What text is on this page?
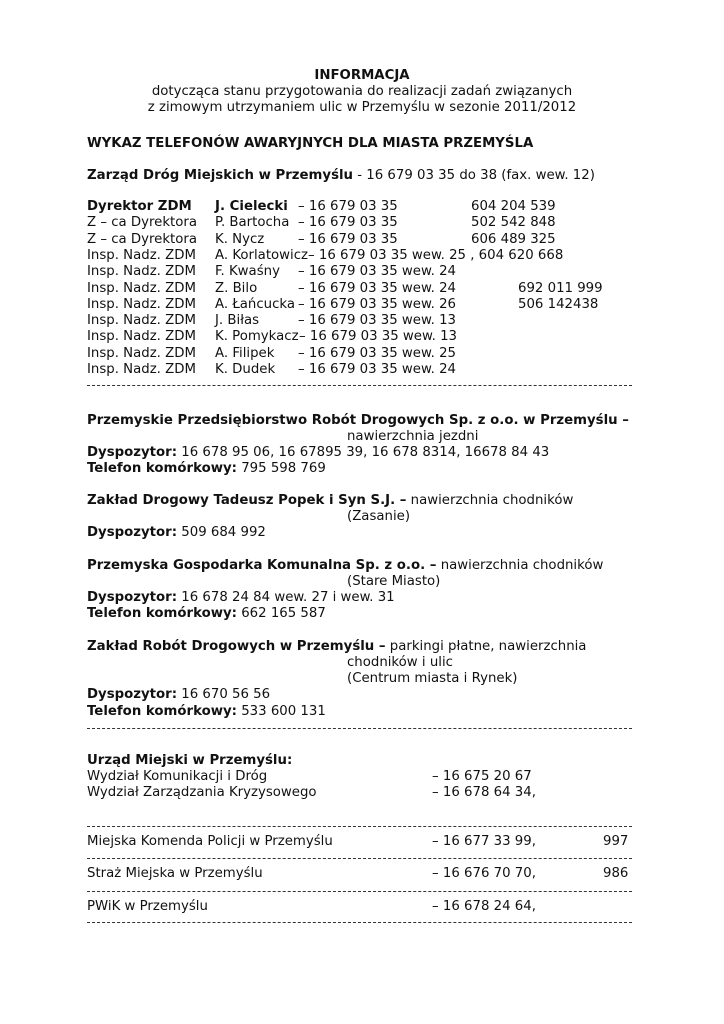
INFORMACJA
dotycząca stanu przygotowania do realizacji zadań związanych
z zimowym utrzymaniem ulic w Przemyślu w sezonie 2011/2012
WYKAZ TELEFONÓW AWARYJNYCH DLA MIASTA PRZEMYŚLA
Zarząd Dróg Miejskich w Przemyślu - 16 679 03 35 do 38 (fax. wew. 12)
Dyrektor ZDM J. Cielecki – 16 679 03 35	604 204 539
Z – ca Dyrektora P. Bartocha – 16 679 03 35	502 542 848
Z – ca Dyrektora K. Nycz	– 16 679 03 35	606 489 325
Insp. Nadz. ZDM A. Korlatowicz – 16 679 03 35 wew. 25 , 604 620 668
Insp. Nadz. ZDM F. Kwaśny – 16 679 03 35 wew. 24
Insp. Nadz. ZDM Z. Bilo	– 16 679 03 35 wew. 24	692 011 999
Insp. Nadz. ZDM A. Łańcucka – 16 679 03 35 wew. 26	506 142438
Insp. Nadz. ZDM J. Biłas	– 16 679 03 35 wew. 13
Insp. Nadz. ZDM K. Pomykacz – 16 679 03 35 wew. 13
Insp. Nadz. ZDM A. Filipek – 16 679 03 35 wew. 25
Insp. Nadz. ZDM K. Dudek – 16 679 03 35 wew. 24
Przemyskie Przedsiębiorstwo Robót Drogowych Sp. z o.o. w Przemyślu –
nawierzchnia jezdni
Dyspozytor: 16 678 95 06, 16 67895 39, 16 678 8314, 16678 84 43
Telefon komórkowy: 795 598 769
Zakład Drogowy Tadeusz Popek i Syn S.J. – nawierzchnia chodników
(Zasanie)
Dyspozytor: 509 684 992
Przemyska Gospodarka Komunalna Sp. z o.o. – nawierzchnia chodników
(Stare Miasto)
Dyspozytor: 16 678 24 84 wew. 27 i wew. 31
Telefon komórkowy: 662 165 587
Zakład Robót Drogowych w Przemyślu – parkingi płatne, nawierzchnia
chodników i ulic
(Centrum miasta i Rynek)
Dyspozytor: 16 670 56 56
Telefon komórkowy: 533 600 131
Urząd Miejski w Przemyślu:
Wydział Komunikacji i Dróg	– 16 675 20 67
Wydział Zarządzania Kryzysowego	– 16 678 64 34,
Miejska Komenda Policji w Przemyślu	– 16 677 33 99,	997
Straż Miejska w Przemyślu	– 16 676 70 70,	986
PWiK w Przemyślu	– 16 678 24 64,
